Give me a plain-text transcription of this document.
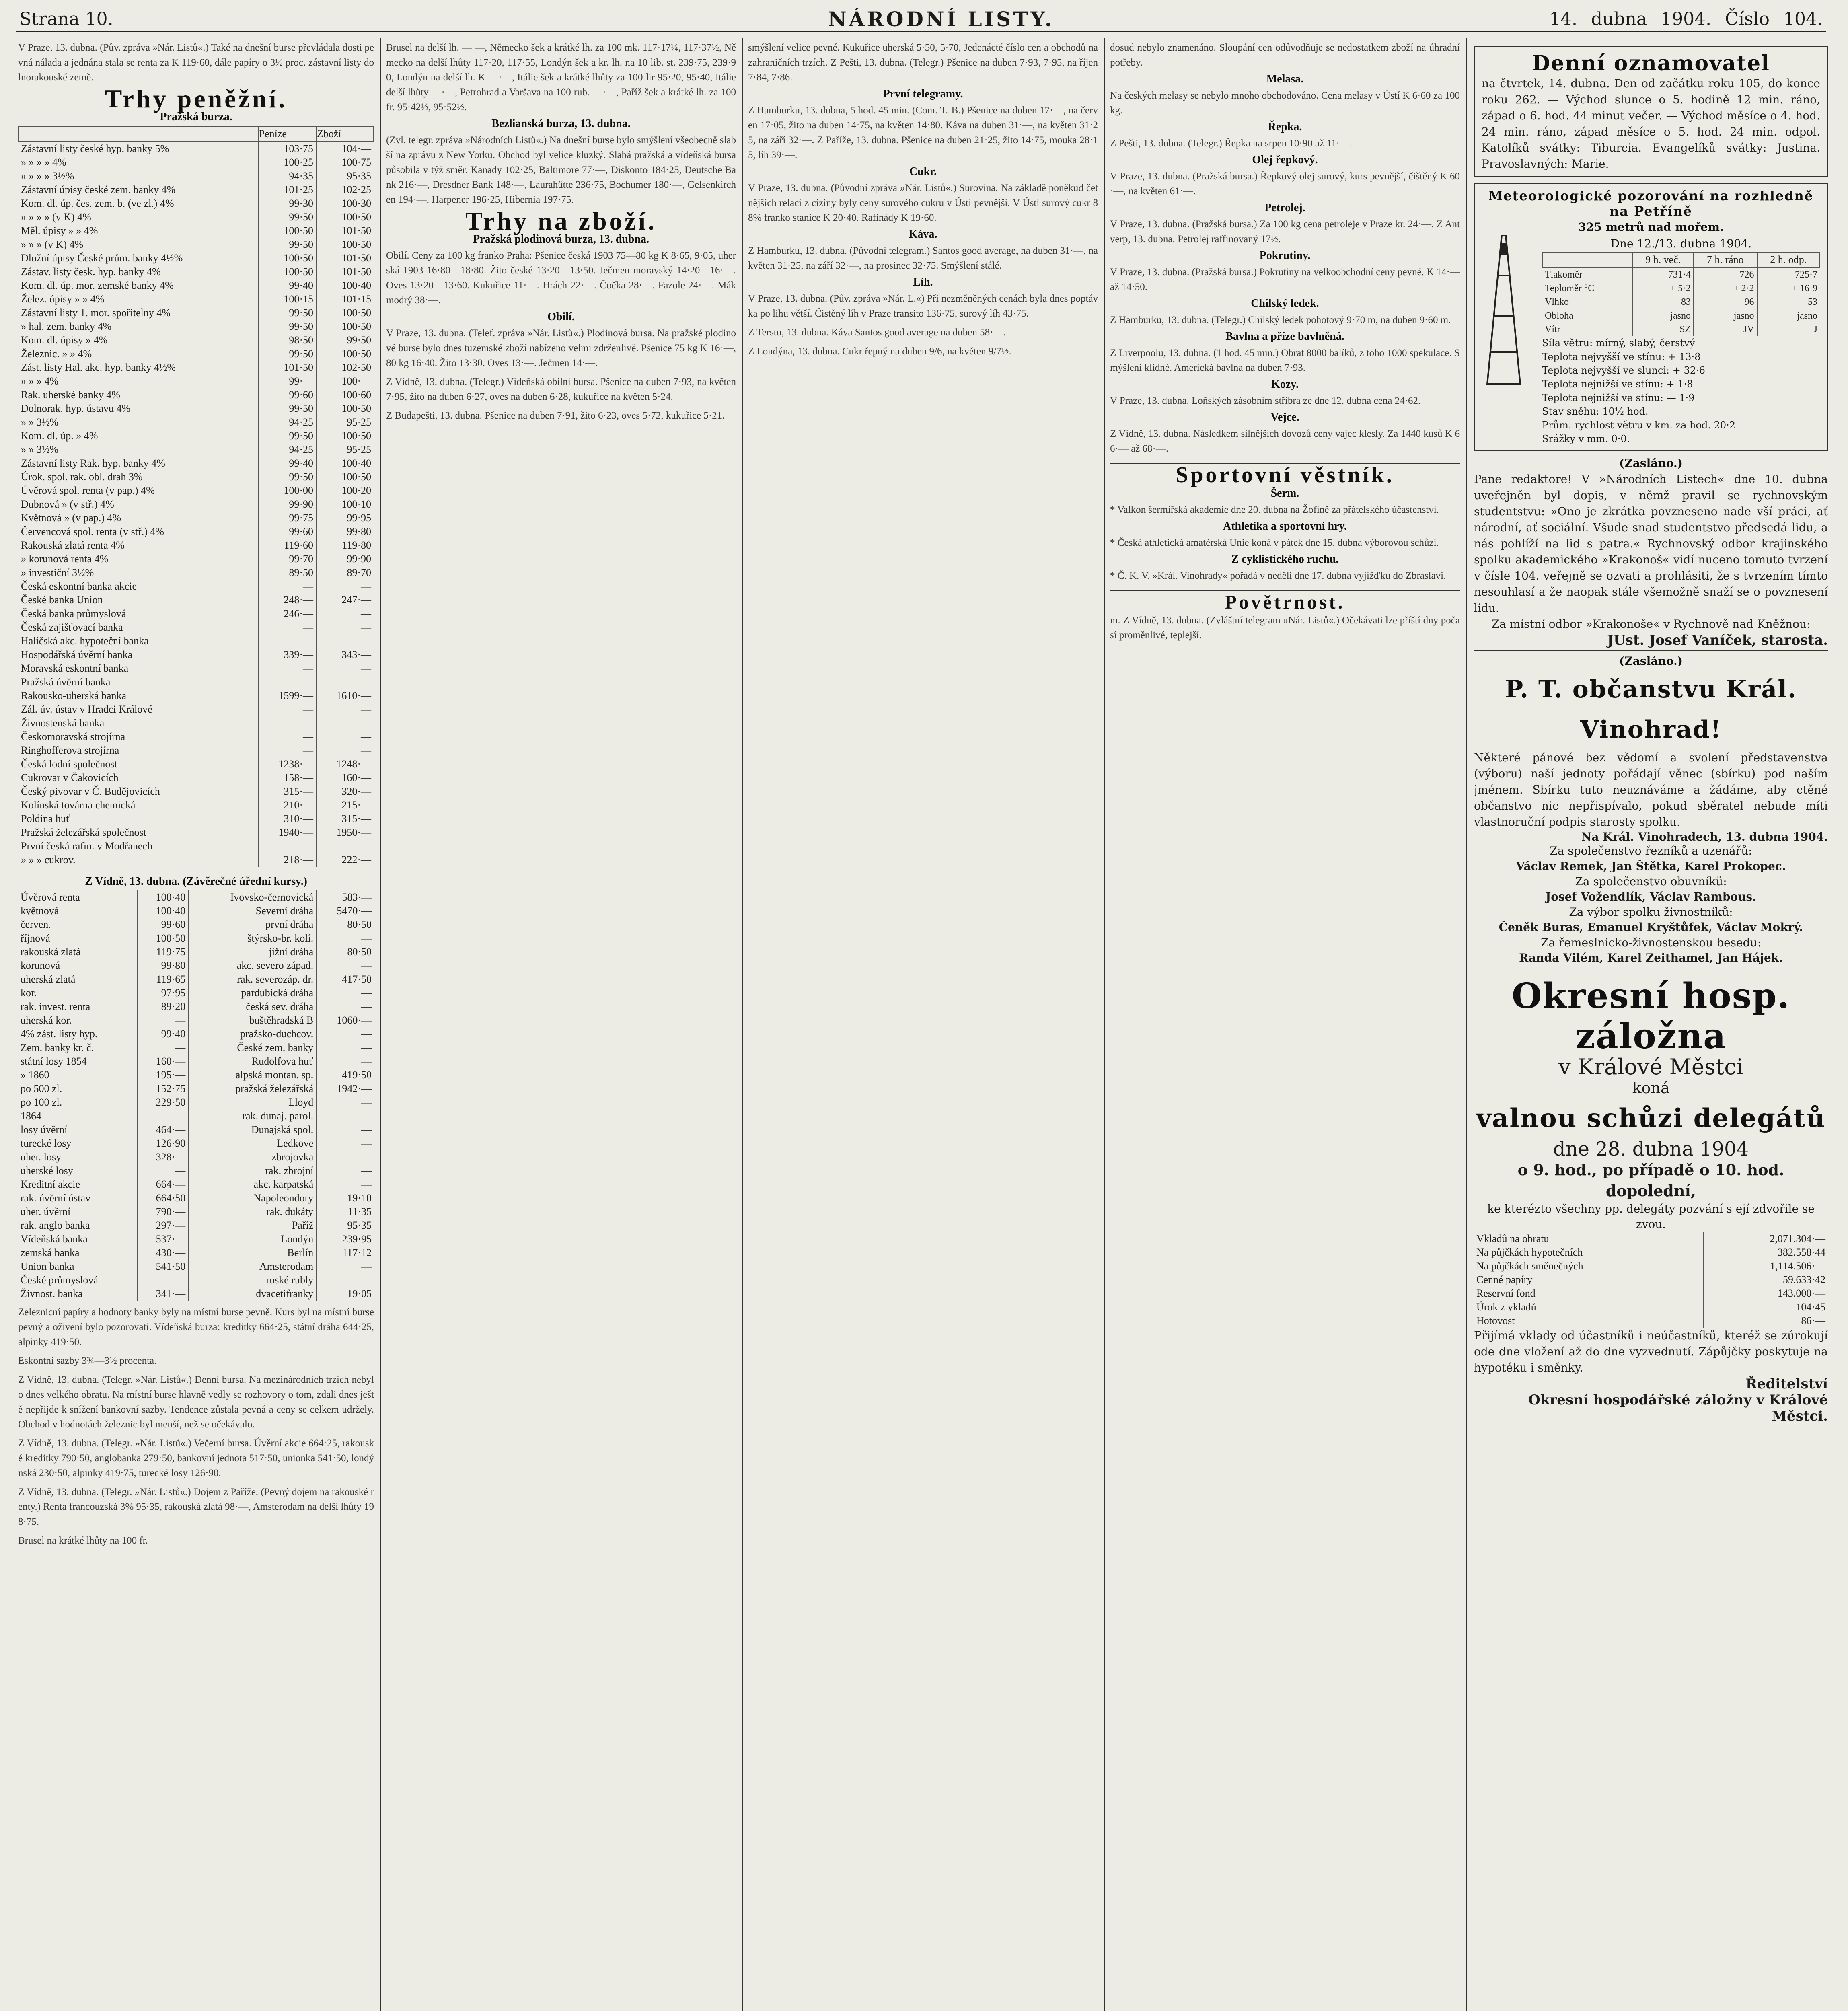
Strana 10.	NÁRODNÍ LISTY.	14. dubna 1904. Číslo 104.
V Praze, 13. dubna. (Pův. zpráva »Nár. Listů«.) Také na dnešní burse převládala dosti pevná nálada a jednána stala se renta za K 119·60, dále papíry o 3½ proc. zástavní listy dolnorakouské země.
Trhy peněžní.
Pražská burza.
	Peníze	Zboží
Zástavní listy české hyp. banky 5%	103·75	104·—
» » » » 4%	100·25	100·75
» » » » 3½%	94·35	95·35
Zástavní úpisy české zem. banky 4%	101·25	102·25
Kom. dl. úp. čes. zem. b. (ve zl.) 4%	99·30	100·30
» » » » (v K) 4%	99·50	100·50
Měl. úpisy » » 4%	100·50	101·50
» » » (v K) 4%	99·50	100·50
Dlužní úpisy České prům. banky 4½%	100·50	101·50
Zástav. listy česk. hyp. banky 4%	100·50	101·50
Kom. dl. úp. mor. zemské banky 4%	99·40	100·40
Želez. úpisy » » 4%	100·15	101·15
Zástavní listy 1. mor. spořitelny 4%	99·50	100·50
» hal. zem. banky 4%	99·50	100·50
Kom. dl. úpisy » 4%	98·50	99·50
Železnic. » » 4%	99·50	100·50
Zást. listy Hal. akc. hyp. banky 4½%	101·50	102·50
» » » 4%	99·—	100·—
Rak. uherské banky 4%	99·60	100·60
Dolnorak. hyp. ústavu 4%	99·50	100·50
» » 3½%	94·25	95·25
Kom. dl. úp. » 4%	99·50	100·50
» » 3½%	94·25	95·25
Zástavní listy Rak. hyp. banky 4%	99·40	100·40
Úrok. spol. rak. obl. drah 3%	99·50	100·50
Úvěrová spol. renta (v pap.) 4%	100·00	100·20
Dubnová » (v stř.) 4%	99·90	100·10
Květnová » (v pap.) 4%	99·75	99·95
Červencová spol. renta (v stř.) 4%	99·60	99·80
Rakouská zlatá renta 4%	119·60	119·80
» korunová renta 4%	99·70	99·90
» investiční 3½%	89·50	89·70
Česká eskontní banka akcie	—	—
České banka Union	248·—	247·—
Česká banka průmyslová	246·—	—
Česká zajišťovací banka	—	—
Haličská akc. hypoteční banka	—	—
Hospodářská úvěrní banka	339·—	343·—
Moravská eskontní banka	—	—
Pražská úvěrní banka	—	—
Rakousko-uherská banka	1599·—	1610·—
Zál. úv. ústav v Hradci Králové	—	—
Živnostenská banka	—	—
Českomoravská strojírna	—	—
Ringhofferova strojírna	—	—
Česká lodní společnost	1238·—	1248·—
Cukrovar v Čakovicích	158·—	160·—
Český pivovar v Č. Budějovicích	315·—	320·—
Kolínská továrna chemická	210·—	215·—
Poldina huť	310·—	315·—
Pražská železářská společnost	1940·—	1950·—
První česká rafin. v Modřanech	—	—
» » » cukrov.	218·—	222·—
Z Vídně, 13. dubna. (Závěrečné úřední kursy.)
Úvěrová renta	100·40	Ivovsko-černovická	583·—
květnová	100·40	Severní dráha	5470·—
červen.	99·60	první dráha	80·50
říjnová	100·50	štýrsko-br. kolí.	—
rakouská zlatá	119·75	jižní dráha	80·50
korunová	99·80	akc. severo západ.	—
uherská zlatá	119·65	rak. severozáp. dr.	417·50
kor.	97·95	pardubická dráha	—
rak. invest. renta	89·20	česká sev. dráha	—
uherská kor.	—	buštěhradská B	1060·—
4% zást. listy hyp.	99·40	pražsko-duchcov.	—
Zem. banky kr. č.	—	České zem. banky	—
státní losy 1854	160·—	Rudolfova huť	—
» 1860	195·—	alpská montan. sp.	419·50
po 500 zl.	152·75	pražská železářská	1942·—
po 100 zl.	229·50	Lloyd	—
1864	—	rak. dunaj. parol.	—
losy úvěrní	464·—	Dunajská spol.	—
turecké losy	126·90	Ledkove	—
uher. losy	328·—	zbrojovka	—
uherské losy	—	rak. zbrojní	—
Kreditní akcie	664·—	akc. karpatská	—
rak. úvěrní ústav	664·50	Napoleondory	19·10
uher. úvěrní	790·—	rak. dukáty	11·35
rak. anglo banka	297·—	Paříž	95·35
Vídeňská banka	537·—	Londýn	239·95
zemská banka	430·—	Berlín	117·12
Union banka	541·50	Amsterodam	—
České průmyslová	—	ruské rubly	—
Živnost. banka	341·—	dvacetifranky	19·05
Zeleznicní papíry a hodnoty banky byly na místní burse pevně. Kurs byl na místní burse pevný a oživení bylo pozorovati. Vídeňská burza: kreditky 664·25, státní dráha 644·25, alpinky 419·50.
Eskontní sazby 3¾—3½ procenta.
Z Vídně, 13. dubna. (Telegr. »Nár. Listů«.) Denní bursa. Na mezinárodních trzích nebylo dnes velkého obratu. Na místní burse hlavně vedly se rozhovory o tom, zdali dnes ještě nepřijde k snížení bankovní sazby. Tendence zůstala pevná a ceny se celkem udržely. Obchod v hodnotách železnic byl menší, než se očekávalo.
Z Vídně, 13. dubna. (Telegr. »Nár. Listů«.) Večerní bursa. Úvěrní akcie 664·25, rakouské kreditky 790·50, anglobanka 279·50, bankovní jednota 517·50, unionka 541·50, londýnská 230·50, alpinky 419·75, turecké losy 126·90.
Z Vídně, 13. dubna. (Telegr. »Nár. Listů«.) Dojem z Paříže. (Pevný dojem na rakouské renty.) Renta francouzská 3% 95·35, rakouská zlatá 98·—, Amsterodam na delší lhůty 198·75.
Brusel na krátké lhůty na 100 fr.
Brusel na delší lh. — —, Německo šek a krátké lh. za 100 mk. 117·17¼, 117·37½, Německo na delší lhůty 117·20, 117·55, Londýn šek a kr. lh. na 10 lib. st. 239·75, 239·90, Londýn na delší lh. K —·—, Itálie šek a krátké lhůty za 100 lir 95·20, 95·40, Itálie delší lhůty —·—, Petrohrad a Varšava na 100 rub. —·—, Paříž šek a krátké lh. za 100 fr. 95·42½, 95·52½.
Bezlianská burza, 13. dubna.
(Zvl. telegr. zpráva »Národních Listů«.) Na dnešní burse bylo smýšlení všeobecně slabší na zprávu z New Yorku. Obchod byl velice kluzký. Slabá pražská a vídeňská bursa působila v týž směr. Kanady 102·25, Baltimore 77·—, Diskonto 184·25, Deutsche Bank 216·—, Dresdner Bank 148·—, Laurahütte 236·75, Bochumer 180·—, Gelsenkirchen 194·—, Harpener 196·25, Hibernia 197·75.
Trhy na zboží.
Pražská plodinová burza, 13. dubna.
Obilí. Ceny za 100 kg franko Praha: Pšenice česká 1903 75—80 kg K 8·65, 9·05, uherská 1903 16·80—18·80. Žito české 13·20—13·50. Ječmen moravský 14·20—16·—. Oves 13·20—13·60. Kukuřice 11·—. Hrách 22·—. Čočka 28·—. Fazole 24·—. Mák modrý 38·—.
Obilí.
V Praze, 13. dubna. (Telef. zpráva »Nár. Listů«.) Plodinová bursa. Na pražské plodinové burse bylo dnes tuzemské zboží nabízeno velmi zdrženlivě. Pšenice 75 kg K 16·—, 80 kg 16·40. Žito 13·30. Oves 13·—. Ječmen 14·—.
Z Vídně, 13. dubna. (Telegr.) Vídeňská obilní bursa. Pšenice na duben 7·93, na květen 7·95, žito na duben 6·27, oves na duben 6·28, kukuřice na květen 5·24.
Z Budapešti, 13. dubna. Pšenice na duben 7·91, žito 6·23, oves 5·72, kukuřice 5·21.
smýšlení velice pevné. Kukuřice uherská 5·50, 5·70, Jedenácté číslo cen a obchodů na zahraničních trzích. Z Pešti, 13. dubna. (Telegr.) Pšenice na duben 7·93, 7·95, na říjen 7·84, 7·86.
První telegramy.
Z Hamburku, 13. dubna, 5 hod. 45 min. (Com. T.-B.) Pšenice na duben 17·—, na červen 17·05, žito na duben 14·75, na květen 14·80. Káva na duben 31·—, na květen 31·25, na září 32·—. Z Paříže, 13. dubna. Pšenice na duben 21·25, žito 14·75, mouka 28·15, líh 39·—.
Cukr.
V Praze, 13. dubna. (Původní zpráva »Nár. Listů«.) Surovina. Na základě poněkud četnějších relací z ciziny byly ceny surového cukru v Ústí pevnější. V Ústí surový cukr 88% franko stanice K 20·40. Rafinády K 19·60.
Káva.
Z Hamburku, 13. dubna. (Původní telegram.) Santos good average, na duben 31·—, na květen 31·25, na září 32·—, na prosinec 32·75. Smýšlení stálé.
Líh.
V Praze, 13. dubna. (Pův. zpráva »Nár. L.«) Při nezměněných cenách byla dnes poptávka po lihu větší. Čistěný líh v Praze transito 136·75, surový líh 43·75.
Z Terstu, 13. dubna. Káva Santos good average na duben 58·—.
Z Londýna, 13. dubna. Cukr řepný na duben 9/6, na květen 9/7½.
dosud nebylo znamenáno. Sloupání cen odůvodňuje se nedostatkem zboží na úhradní potřeby.
Melasa.
Na českých melasy se nebylo mnoho obchodováno. Cena melasy v Ústí K 6·60 za 100 kg.
Řepka.
Z Pešti, 13. dubna. (Telegr.) Řepka na srpen 10·90 až 11·—.
Olej řepkový.
V Praze, 13. dubna. (Pražská bursa.) Řepkový olej surový, kurs pevnější, čištěný K 60·—, na květen 61·—.
Petrolej.
V Praze, 13. dubna. (Pražská bursa.) Za 100 kg cena petroleje v Praze kr. 24·—. Z Antverp, 13. dubna. Petrolej raffinovaný 17½.
Pokrutiny.
V Praze, 13. dubna. (Pražská bursa.) Pokrutiny na velkoobchodní ceny pevné. K 14·— až 14·50.
Chilský ledek.
Z Hamburku, 13. dubna. (Telegr.) Chilský ledek pohotový 9·70 m, na duben 9·60 m.
Bavlna a příze bavlněná.
Z Liverpoolu, 13. dubna. (1 hod. 45 min.) Obrat 8000 balíků, z toho 1000 spekulace. Smýšlení klidné. Americká bavlna na duben 7·93.
Kozy.
V Praze, 13. dubna. Loňských zásobním stříbra ze dne 12. dubna cena 24·62.
Vejce.
Z Vídně, 13. dubna. Následkem silnějších dovozů ceny vajec klesly. Za 1440 kusů K 66·— až 68·—.
Sportovní věstník.
Šerm.
* Valkon šermířská akademie dne 20. dubna na Žofíně za přátelského účastenství.
Athletika a sportovní hry.
* Česká athletická amatérská Unie koná v pátek dne 15. dubna výborovou schůzi.
Z cyklistického ruchu.
* Č. K. V. »Král. Vinohrady« pořádá v neděli dne 17. dubna vyjížďku do Zbraslavi.
Povětrnost.
m. Z Vídně, 13. dubna. (Zvláštní telegram »Nár. Listů«.) Očekávati lze příští dny počasí proměnlivé, teplejší.
Denní oznamovatel
na čtvrtek, 14. dubna. Den od začátku roku 105, do konce roku 262. — Východ slunce o 5. hodině 12 min. ráno, západ o 6. hod. 44 minut večer. — Východ měsíce o 4. hod. 24 min. ráno, západ měsíce o 5. hod. 24 min. odpol. Katolíků svátky: Tiburcia. Evangelíků svátky: Justina. Pravoslavných: Marie.
Meteorologické pozorování na rozhledně na Petříně
325 metrů nad mořem.
Dne 12./13. dubna 1904.
	9 h. več.	7 h. ráno	2 h. odp.
Tlakoměr	731·4	726	725·7
Teploměr °C	+ 5·2	+ 2·2	+ 16·9
Vlhko	83	96	53
Obloha	jasno	jasno	jasno
Vítr	SZ	JV	J
Síla větru: mírný, slabý, čerstvý
Teplota nejvyšší ve stínu: + 13·8
Teplota nejvyšší ve slunci: + 32·6
Teplota nejnižší ve stínu: + 1·8
Teplota nejnižší ve stínu: — 1·9
Stav sněhu: 10½ hod.
Prům. rychlost větru v km. za hod. 20·2
Srážky v mm. 0·0.
(Zasláno.)
Pane redaktore! V »Národních Listech« dne 10. dubna uveřejněn byl dopis, v němž pravil se rychnovským studentstvu: »Ono je zkrátka povzneseno nade vší práci, ať národní, ať sociální. Všude snad studentstvo předsedá lidu, a nás pohlíží na lid s patra.« Rychnovský odbor krajinského spolku akademického »Krakonoš« vidí nuceno tomuto tvrzení v čísle 104. veřejně se ozvati a prohlásiti, že s tvrzením tímto nesouhlasí a že naopak stále všemožně snaží se o povznesení lidu.
Za místní odbor »Krakonoše« v Rychnově nad Kněžnou:
JUst. Josef Vaníček, starosta.
(Zasláno.)
P. T. občanstvu Král. Vinohrad!
Některé pánové bez vědomí a svolení představenstva (výboru) naší jednoty pořádají věnec (sbírku) pod naším jménem. Sbírku tuto neuznáváme a žádáme, aby ctěné občanstvo nic nepřispívalo, pokud sběratel nebude míti vlastnoruční podpis starosty spolku.
Na Král. Vinohradech, 13. dubna 1904.
Za společenstvo řezníků a uzenářů:
Václav Remek, Jan Štětka, Karel Prokopec.
Za společenstvo obuvníků:
Josef Vožendlík, Václav Rambous.
Za výbor spolku živnostníků:
Čeněk Buras, Emanuel Kryštůfek, Václav Mokrý.
Za řemeslnicko-živnostenskou besedu:
Randa Vilém, Karel Zeithamel, Jan Hájek.
Okresní hosp. záložna
v Králové Městci
koná
valnou schůzi delegátů
dne 28. dubna 1904
o 9. hod., po případě o 10. hod. dopolední,
ke kterézto všechny pp. delegáty pozvání s ejí zdvořile se zvou.
Vkladů na obratu	2,071.304·—
Na půjčkách hypotečních	382.558·44
Na půjčkách směnečných	1,114.506·—
Cenné papíry	59.633·42
Reservní fond	143.000·—
Úrok z vkladů	104·45
Hotovost	86·—
Přijímá vklady od účastníků i neúčastníků, kteréž se zúrokují ode dne vložení až do dne vyzvednutí. Zápůjčky poskytuje na hypotéku i směnky.
Ředitelství
Okresní hospodářské záložny v Králové Městci.
